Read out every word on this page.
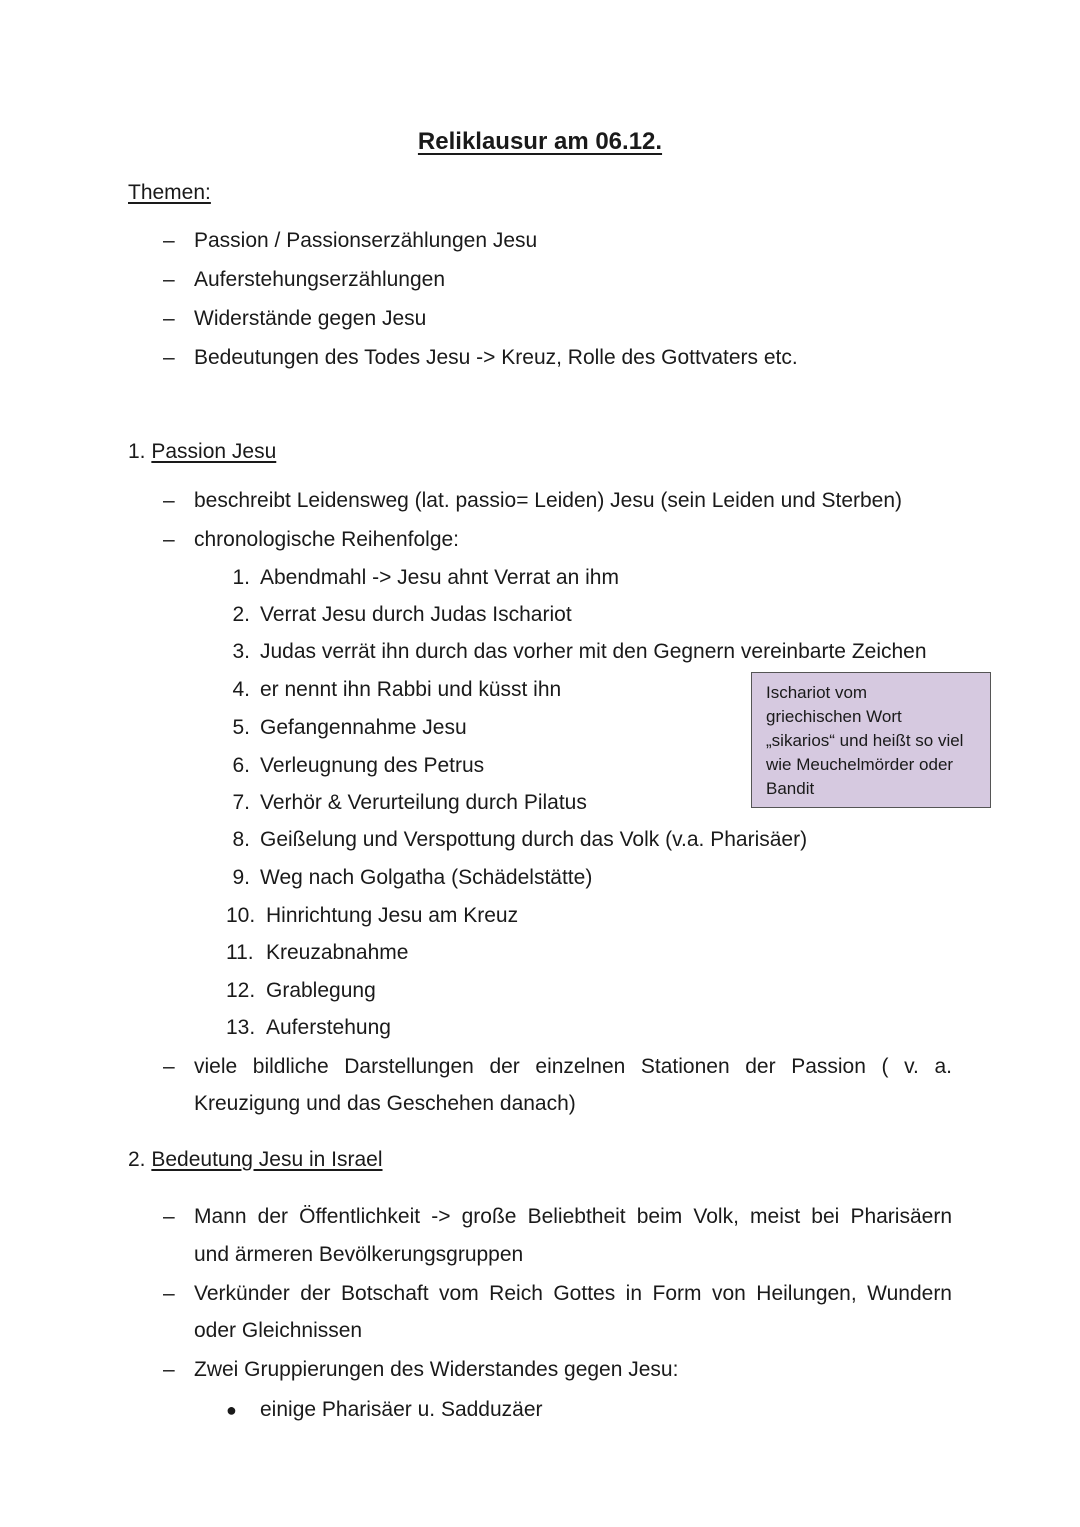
Reliklausur am 06.12.
Themen:
– Passion / Passionserzählungen Jesu
– Auferstehungserzählungen
– Widerstände gegen Jesu
– Bedeutungen des Todes Jesu -> Kreuz, Rolle des Gottvaters etc.
1. Passion Jesu
– beschreibt Leidensweg (lat. passio= Leiden) Jesu (sein Leiden und Sterben)
– chronologische Reihenfolge:
1. Abendmahl -> Jesu ahnt Verrat an ihm
2. Verrat Jesu durch Judas Ischariot
3. Judas verrät ihn durch das vorher mit den Gegnern vereinbarte Zeichen
4. er nennt ihn Rabbi und küsst ihn
5. Gefangennahme Jesu
6. Verleugnung des Petrus
7. Verhör & Verurteilung durch Pilatus
8. Geißelung und Verspottung durch das Volk (v.a. Pharisäer)
9. Weg nach Golgatha (Schädelstätte)
10. Hinrichtung Jesu am Kreuz
11. Kreuzabnahme
12. Grablegung
13. Auferstehung
Ischariot vom
griechischen Wort
„sikarios“ und heißt so viel
wie Meuchelmörder oder
Bandit
– viele bildliche Darstellungen der einzelnen Stationen der Passion ( v. a.
Kreuzigung und das Geschehen danach)
2. Bedeutung Jesu in Israel
– Mann der Öffentlichkeit -> große Beliebtheit beim Volk, meist bei Pharisäern
und ärmeren Bevölkerungsgruppen
– Verkünder der Botschaft vom Reich Gottes in Form von Heilungen, Wundern
oder Gleichnissen
– Zwei Gruppierungen des Widerstandes gegen Jesu:
● einige Pharisäer u. Sadduzäer
